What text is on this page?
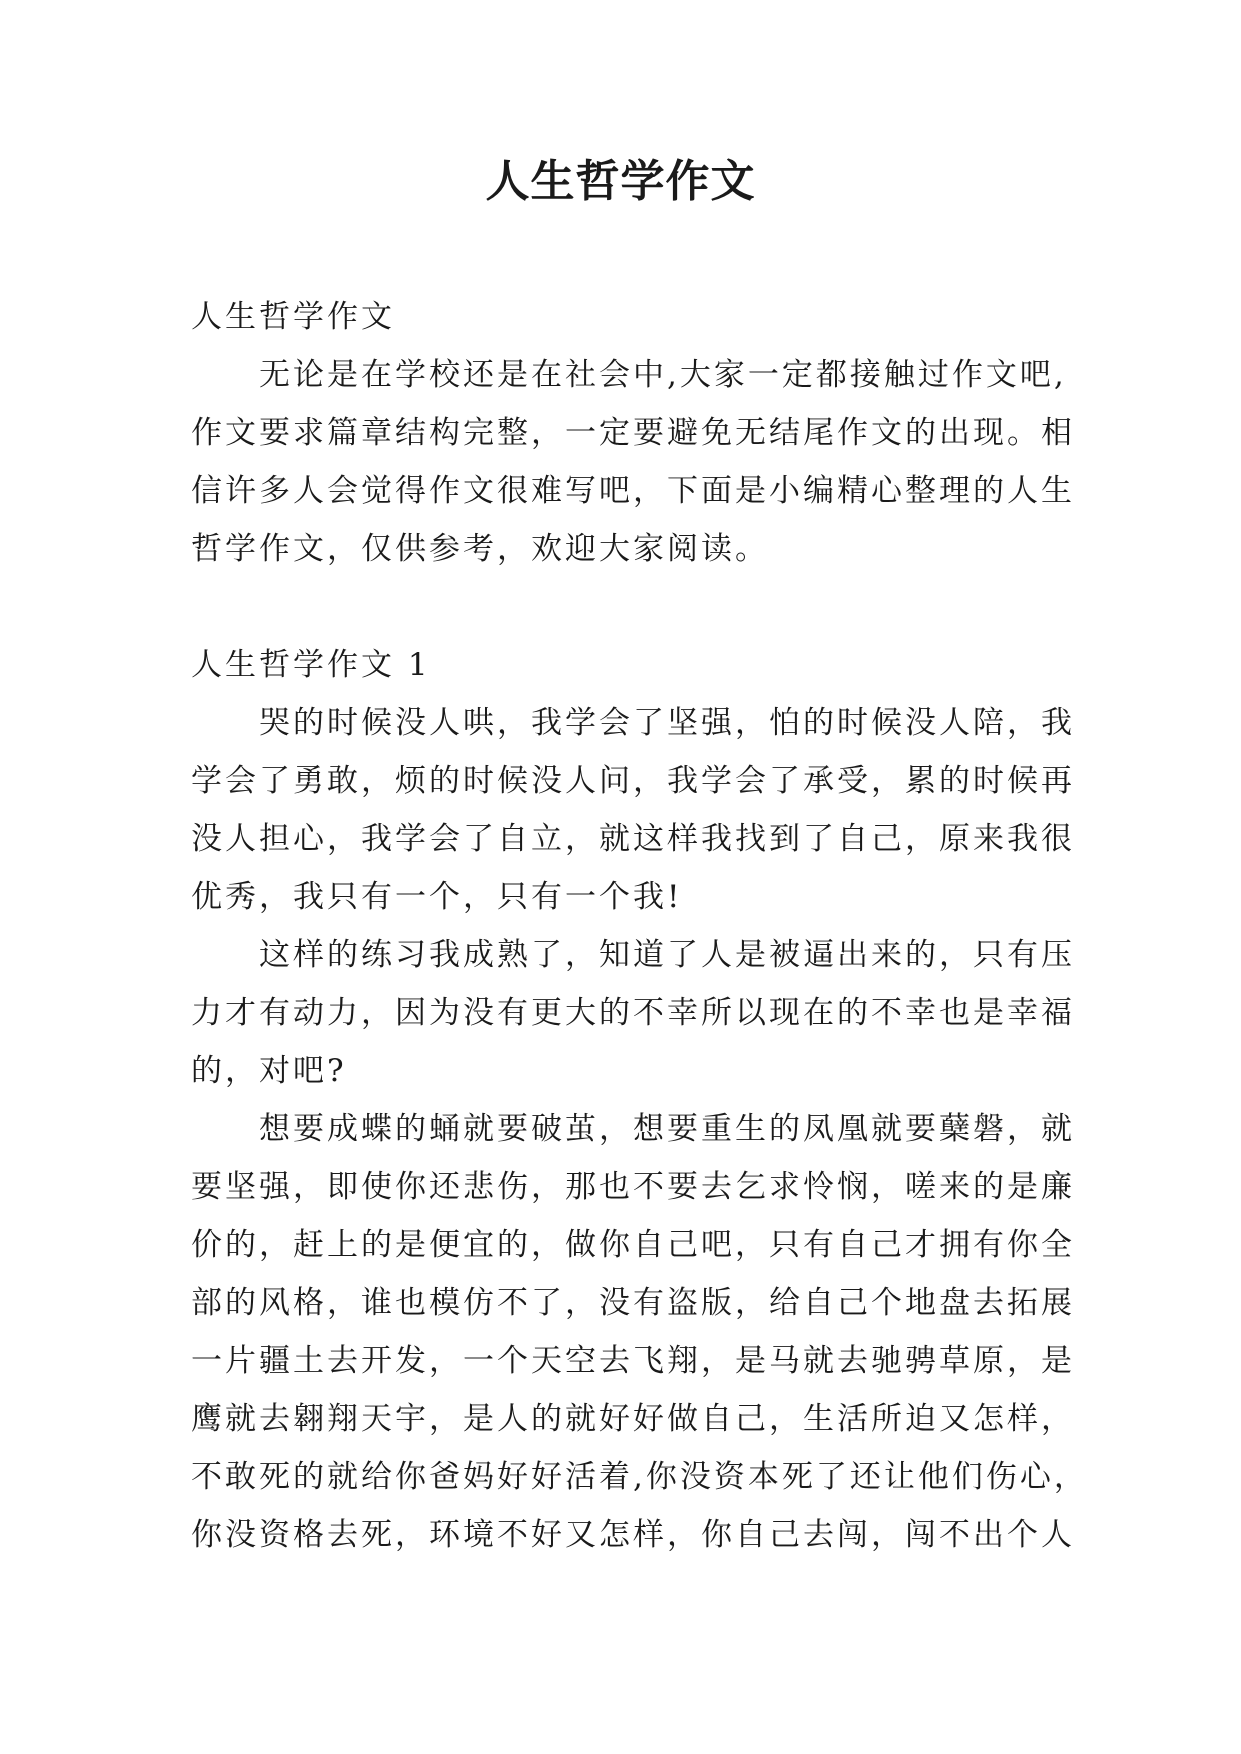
人生哲学作文
人生哲学作文
无论是在学校还是在社会中,大家一定都接触过作文吧,
作文要求篇章结构完整，一定要避免无结尾作文的出现。相
信许多人会觉得作文很难写吧，下面是小编精心整理的人生
哲学作文，仅供参考，欢迎大家阅读。
人生哲学作文 1
哭的时候没人哄，我学会了坚强，怕的时候没人陪，我
学会了勇敢，烦的时候没人问，我学会了承受，累的时候再
没人担心，我学会了自立，就这样我找到了自己，原来我很
优秀，我只有一个，只有一个我!
这样的练习我成熟了，知道了人是被逼出来的，只有压
力才有动力，因为没有更大的不幸所以现在的不幸也是幸福
的，对吧?
想要成蝶的蛹就要破茧，想要重生的凤凰就要蘖磐，就
要坚强，即使你还悲伤，那也不要去乞求怜悯，嗟来的是廉
价的，赶上的是便宜的，做你自己吧，只有自己才拥有你全
部的风格，谁也模仿不了，没有盗版，给自己个地盘去拓展
一片疆土去开发，一个天空去飞翔，是马就去驰骋草原，是
鹰就去翱翔天宇，是人的就好好做自己，生活所迫又怎样，
不敢死的就给你爸妈好好活着,你没资本死了还让他们伤心，
你没资格去死，环境不好又怎样，你自己去闯，闯不出个人
